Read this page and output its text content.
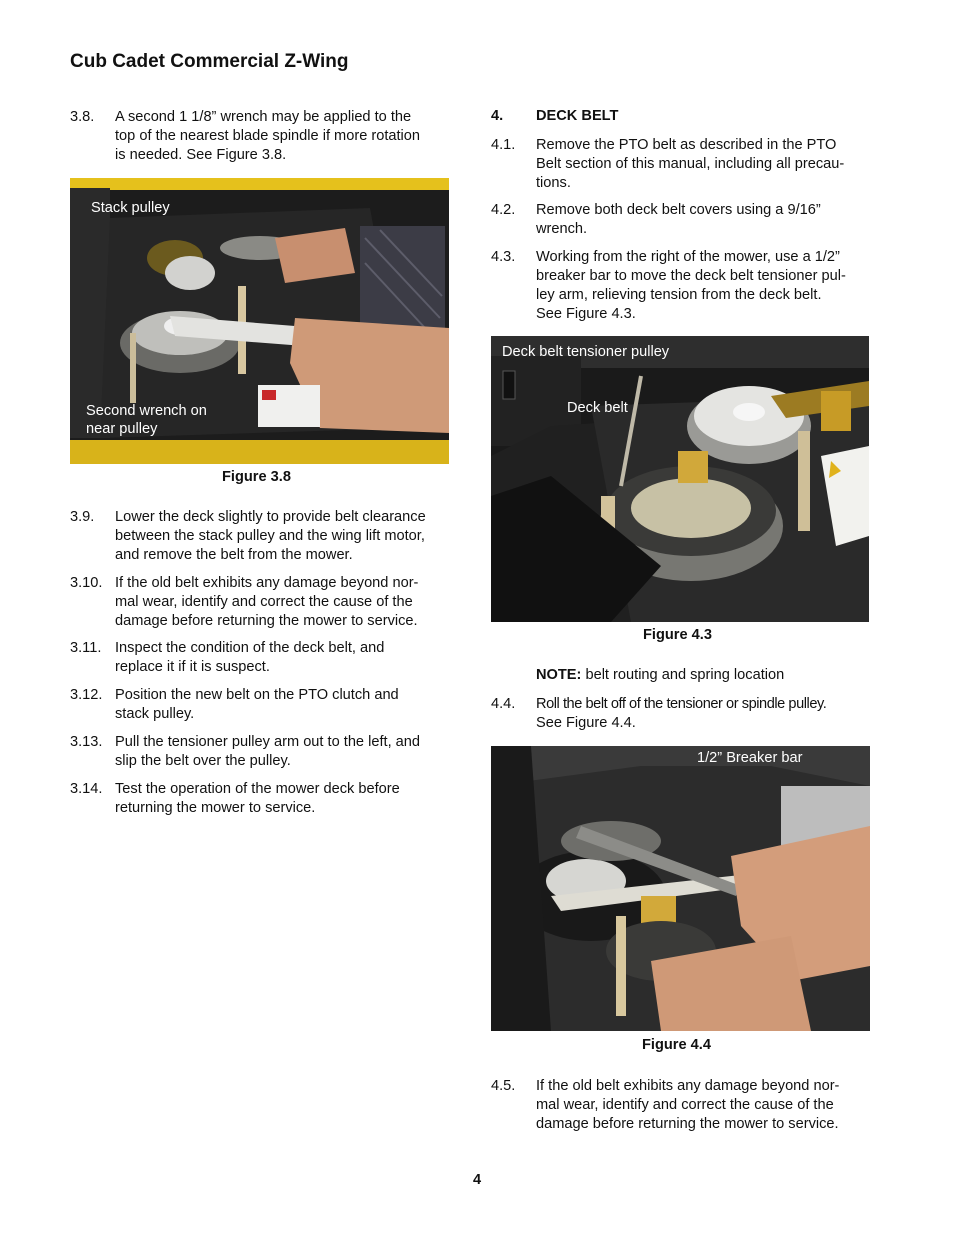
Cub Cadet Commercial Z-Wing
3.8. A second 1 1/8” wrench may be applied to the
top of the nearest blade spindle if more rotation
is needed. See Figure 3.8.
Stack pulley
Second wrench on
near pulley
Figure 3.8
3.9. Lower the deck slightly to provide belt clearance
between the stack pulley and the wing lift motor,
and remove the belt from the mower.
3.10. If the old belt exhibits any damage beyond nor-
mal wear, identify and correct the cause of the
damage before returning the mower to service.
3.11. Inspect the condition of the deck belt, and
replace it if it is suspect.
3.12. Position the new belt on the PTO clutch and
stack pulley.
3.13. Pull the tensioner pulley arm out to the left, and
slip the belt over the pulley.
3.14. Test the operation of the mower deck before
returning the mower to service.
4. DECK BELT
4.1. Remove the PTO belt as described in the PTO
Belt section of this manual, including all precau-
tions.
4.2. Remove both deck belt covers using a 9/16”
wrench.
4.3. Working from the right of the mower, use a 1/2”
breaker bar to move the deck belt tensioner pul-
ley arm, relieving tension from the deck belt.
See Figure 4.3.
Deck belt tensioner pulley
Deck belt
Figure 4.3
NOTE: belt routing and spring location
4.4. Roll the belt off of the tensioner or spindle pulley.
See Figure 4.4.
1/2” Breaker bar
Figure 4.4
4.5. If the old belt exhibits any damage beyond nor-
mal wear, identify and correct the cause of the
damage before returning the mower to service.
4
